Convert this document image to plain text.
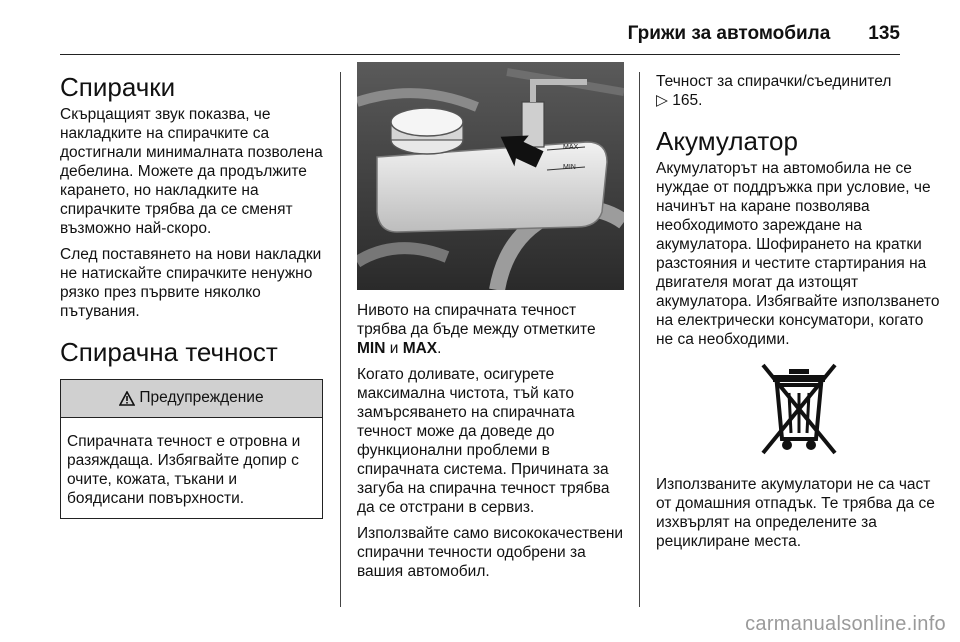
Грижи за автомобила 135
Спирачки

Скърцащият звук показва, че накладките на спирачките са достигнали минималната позволена дебелина. Можете да продължите карането, но накладките на спирачките трябва да се сменят възможно най-скоро.

След поставянето на нови накладки не натискайте спирачките ненужно рязко през първите няколко пътувания.

Спирачна течност
Предупреждение

Спирачната течност е отровна и разяждаща. Избягвайте допир с очите, кожата, тъкани и боядисани повърхности.

MAX
MIN

Нивото на спирачната течност трябва да бъде между отметките MIN и MAX.

Когато доливате, осигурете максимална чистота, тъй като замърсяването на спирачната течност може да доведе до функционални проблеми в спирачната система. Причината за загуба на спирачна течност трябва да се отстрани в сервиз.

Използвайте само висококачествени спирачни течности одобрени за вашия автомобил.

Течност за спирачки/съединител
▷ 165.

Акумулатор

Акумулаторът на автомобила не се нуждае от поддръжка при условие, че начинът на каране позволява необходимото зареждане на акумулатора. Шофирането на кратки разстояния и честите стартирания на двигателя могат да изтощят акумулатора. Избягвайте използването на електрически консуматори, когато не са необходими.

Използваните акумулатори не са част от домашния отпадък. Те трябва да се изхвърлят на определените за рециклиране места.

carmanualsonline.info
